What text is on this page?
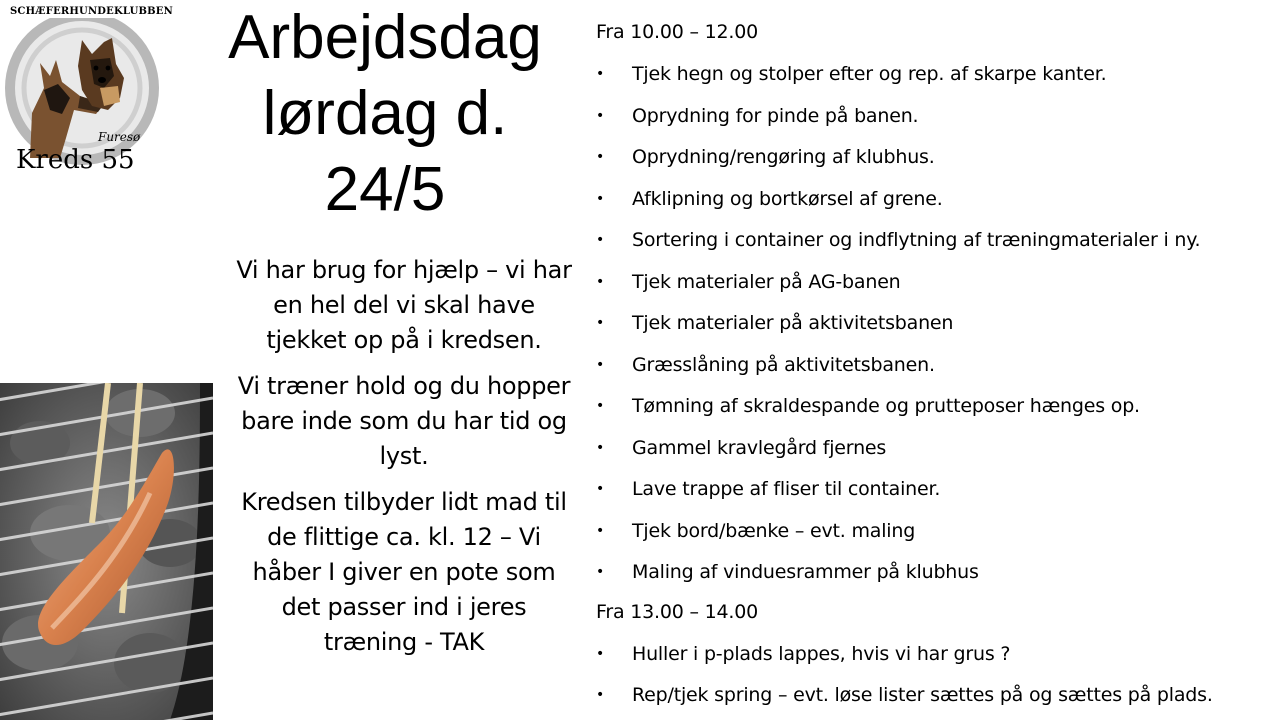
SCHÆFERHUNDEKLUBBEN
Furesø
Kreds 55
Arbejdsdag
lørdag d.
24/5

Vi har brug for hjælp – vi har en hel del vi skal have tjekket op på i kredsen.

Vi træner hold og du hopper bare inde som du har tid og lyst.

Kredsen tilbyder lidt mad til de flittige ca. kl. 12 – Vi håber I giver en pote som det passer ind i jeres træning - TAK

Fra 10.00 – 12.00
• Tjek hegn og stolper efter og rep. af skarpe kanter.
• Oprydning for pinde på banen.
• Oprydning/rengøring af klubhus.
• Afklipning og bortkørsel af grene.
• Sortering i container og indflytning af træningmaterialer i ny.
• Tjek materialer på AG-banen
• Tjek materialer på aktivitetsbanen
• Græsslåning på aktivitetsbanen.
• Tømning af skraldespande og prutteposer hænges op.
• Gammel kravlegård fjernes
• Lave trappe af fliser til container.
• Tjek bord/bænke – evt. maling
• Maling af vinduesrammer på klubhus
Fra 13.00 – 14.00
• Huller i p-plads lappes, hvis vi har grus ?
• Rep/tjek spring – evt. løse lister sættes på og sættes på plads.
